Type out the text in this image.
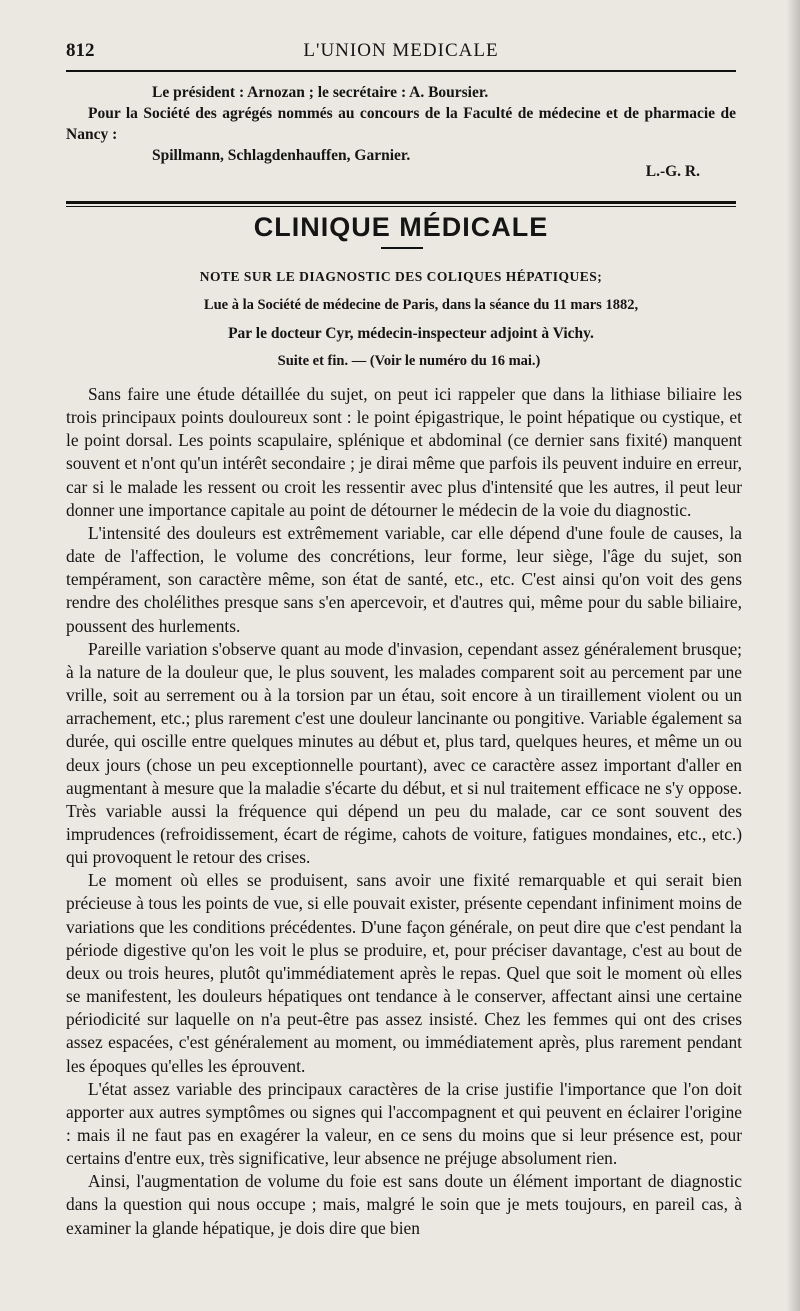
812	L'UNION MEDICALE

Le président : Arnozan ; le secrétaire : A. Boursier.

Pour la Société des agrégés nommés au concours de la Faculté de médecine et de pharmacie de Nancy :

Spillmann, Schlagdenhauffen, Garnier.

L.-G. R.

CLINIQUE MÉDICALE

NOTE SUR LE DIAGNOSTIC DES COLIQUES HÉPATIQUES;

Lue à la Société de médecine de Paris, dans la séance du 11 mars 1882,

Par le docteur Cyr, médecin-inspecteur adjoint à Vichy.

Suite et fin. — (Voir le numéro du 16 mai.)

Sans faire une étude détaillée du sujet, on peut ici rappeler que dans la lithiase biliaire les trois principaux points douloureux sont : le point épigastrique, le point hépatique ou cystique, et le point dorsal. Les points scapulaire, splénique et abdominal (ce dernier sans fixité) manquent souvent et n'ont qu'un intérêt secondaire ; je dirai même que parfois ils peuvent induire en erreur, car si le malade les ressent ou croit les ressentir avec plus d'intensité que les autres, il peut leur donner une importance capitale au point de détourner le médecin de la voie du diagnostic.

L'intensité des douleurs est extrêmement variable, car elle dépend d'une foule de causes, la date de l'affection, le volume des concrétions, leur forme, leur siège, l'âge du sujet, son tempérament, son caractère même, son état de santé, etc., etc. C'est ainsi qu'on voit des gens rendre des cholélithes presque sans s'en apercevoir, et d'autres qui, même pour du sable biliaire, poussent des hurlements.

Pareille variation s'observe quant au mode d'invasion, cependant assez généralement brusque; à la nature de la douleur que, le plus souvent, les malades comparent soit au percement par une vrille, soit au serrement ou à la torsion par un étau, soit encore à un tiraillement violent ou un arrachement, etc.; plus rarement c'est une douleur lancinante ou pongitive. Variable également sa durée, qui oscille entre quelques minutes au début et, plus tard, quelques heures, et même un ou deux jours (chose un peu exceptionnelle pourtant), avec ce caractère assez important d'aller en augmentant à mesure que la maladie s'écarte du début, et si nul traitement efficace ne s'y oppose. Très variable aussi la fréquence qui dépend un peu du malade, car ce sont souvent des imprudences (refroidissement, écart de régime, cahots de voiture, fatigues mondaines, etc., etc.) qui provoquent le retour des crises.

Le moment où elles se produisent, sans avoir une fixité remarquable et qui serait bien précieuse à tous les points de vue, si elle pouvait exister, présente cependant infiniment moins de variations que les conditions précédentes. D'une façon générale, on peut dire que c'est pendant la période digestive qu'on les voit le plus se produire, et, pour préciser davantage, c'est au bout de deux ou trois heures, plutôt qu'immédiatement après le repas. Quel que soit le moment où elles se manifestent, les douleurs hépatiques ont tendance à le conserver, affectant ainsi une certaine périodicité sur laquelle on n'a peut-être pas assez insisté. Chez les femmes qui ont des crises assez espacées, c'est généralement au moment, ou immédiatement après, plus rarement pendant les époques qu'elles les éprouvent.

L'état assez variable des principaux caractères de la crise justifie l'importance que l'on doit apporter aux autres symptômes ou signes qui l'accompagnent et qui peuvent en éclairer l'origine : mais il ne faut pas en exagérer la valeur, en ce sens du moins que si leur présence est, pour certains d'entre eux, très significative, leur absence ne préjuge absolument rien.

Ainsi, l'augmentation de volume du foie est sans doute un élément important de diagnostic dans la question qui nous occupe ; mais, malgré le soin que je mets toujours, en pareil cas, à examiner la glande hépatique, je dois dire que bien
